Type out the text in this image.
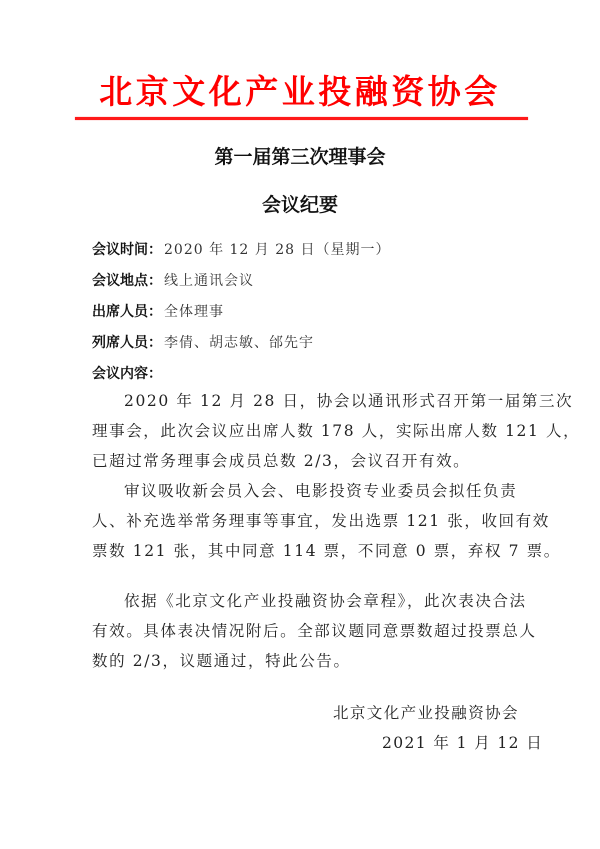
北京文化产业投融资协会
第一届第三次理事会
会议纪要
会议时间： 2020 年 12 月 28 日（星期一）
会议地点： 线上通讯会议
出席人员： 全体理事
列席人员： 李倩、胡志敏、邰先宇
会议内容：
2020 年 12 月 28 日，协会以通讯形式召开第一届第三次
理事会，此次会议应出席人数 178 人，实际出席人数 121 人，
已超过常务理事会成员总数 2/3，会议召开有效。
审议吸收新会员入会、电影投资专业委员会拟任负责
人、补充选举常务理事等事宜，发出选票 121 张，收回有效
票数 121 张，其中同意 114 票，不同意 0 票，弃权 7 票。
依据《北京文化产业投融资协会章程》，此次表决合法
有效。具体表决情况附后。全部议题同意票数超过投票总人
数的 2/3，议题通过，特此公告。
北京文化产业投融资协会
2021 年 1 月 12 日
